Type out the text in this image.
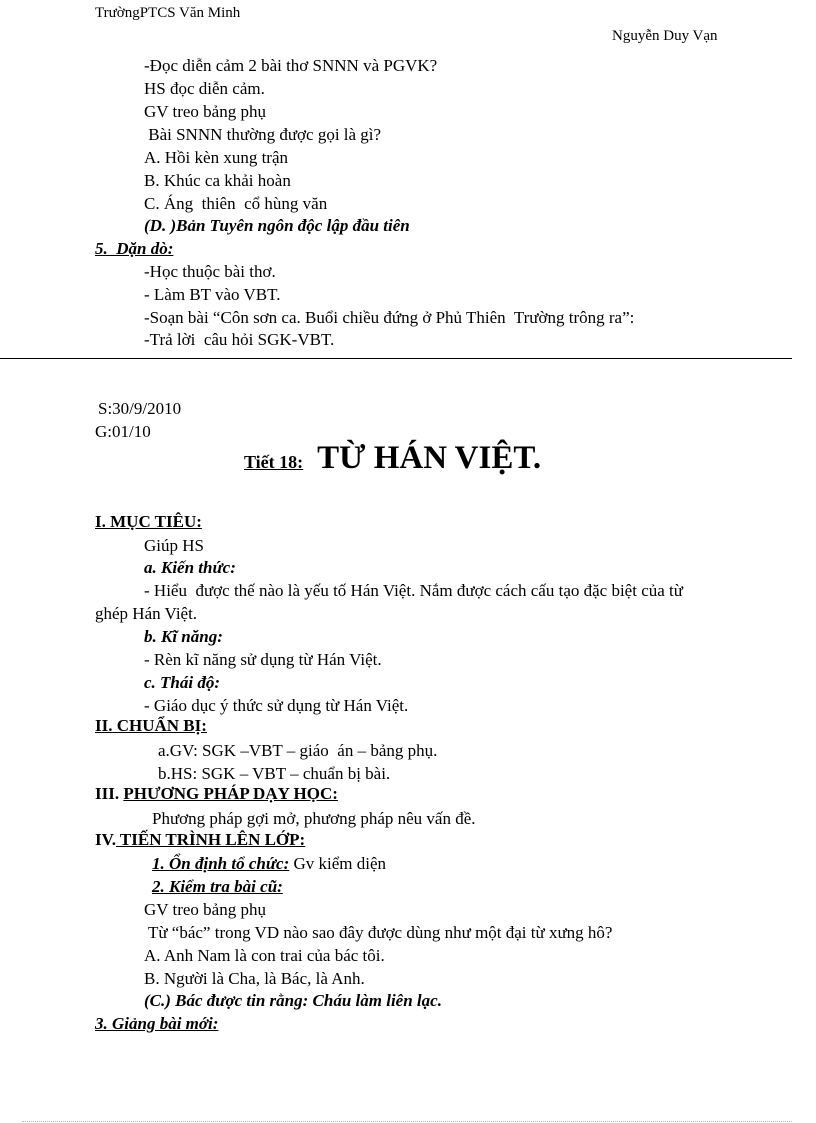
TrườngPTCS Văn Minh
Nguyễn Duy Vạn
-Đọc diễn cảm 2 bài thơ SNNN và PGVK?
HS đọc diễn cảm.
GV treo bảng phụ
Bài SNNN thường được gọi là gì?
A. Hồi kèn xung trận
B. Khúc ca khải hoàn
C. Áng  thiên  cổ hùng văn
(D. )Bản Tuyên ngôn độc lập đầu tiên
5.  Dặn dò:
-Học thuộc bài thơ.
- Làm BT vào VBT.
-Soạn bài “Côn sơn ca. Buổi chiều đứng ở Phủ Thiên  Trường trông ra”:
-Trả lời  câu hỏi SGK-VBT.
S:30/9/2010
G:01/10
Tiết 18: TỪ HÁN VIỆT.
I. MỤC TIÊU:
Giúp HS
a. Kiến thức:
- Hiểu  được thế nào là yếu tố Hán Việt. Nắm được cách cấu tạo đặc biệt của từ
ghép Hán Việt.
b. Kĩ năng:
- Rèn kĩ năng sử dụng từ Hán Việt.
c. Thái độ:
- Giáo dục ý thức sử dụng từ Hán Việt.
II. CHUẨN BỊ:
a.GV: SGK –VBT – giáo  án – bảng phụ.
b.HS: SGK – VBT – chuẩn bị bài.
III. PHƯƠNG PHÁP DẠY HỌC:
Phương pháp gợi mở, phương pháp nêu vấn đề.
IV. TIẾN TRÌNH LÊN LỚP:
1. Ổn định tổ chức: Gv kiểm diện
2. Kiểm tra bài cũ:
GV treo bảng phụ
Từ “bác” trong VD nào sao đây được dùng như một đại từ xưng hô?
A. Anh Nam là con trai của bác tôi.
B. Người là Cha, là Bác, là Anh.
(C.) Bác được tin rằng: Cháu làm liên lạc.
3. Giảng bài mới:
